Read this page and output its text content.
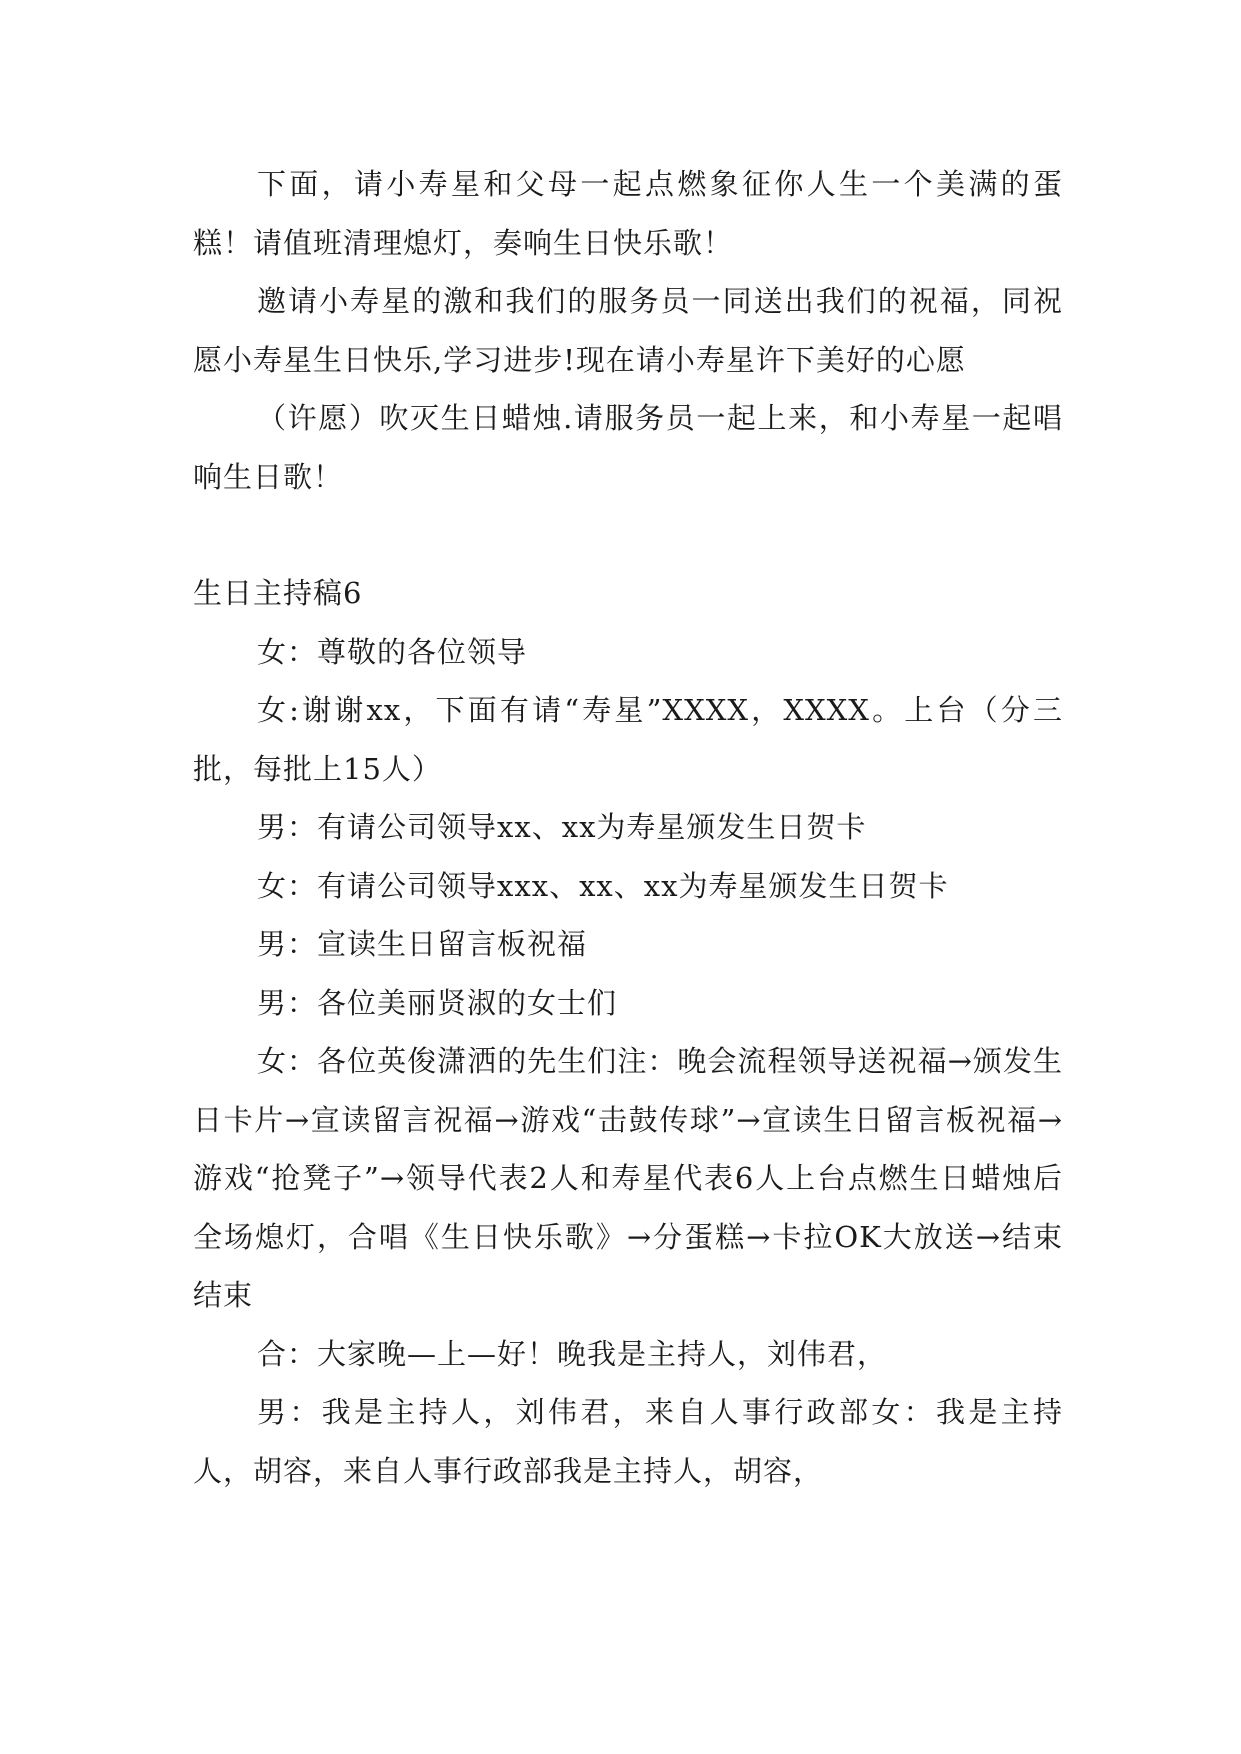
下面，请小寿星和父母一起点燃象征你人生一个美满的蛋糕！请值班清理熄灯，奏响生日快乐歌！

邀请小寿星的激和我们的服务员一同送出我们的祝福，同祝愿小寿星生日快乐,学习进步!现在请小寿星许下美好的心愿

（许愿）吹灭生日蜡烛.请服务员一起上来，和小寿星一起唱响生日歌！

生日主持稿6

女：尊敬的各位领导

女:谢谢xx，下面有请“寿星”XXXX，XXXX。上台（分三批，每批上15人）

男：有请公司领导xx、xx为寿星颁发生日贺卡

女：有请公司领导xxx、xx、xx为寿星颁发生日贺卡

男：宣读生日留言板祝福

男：各位美丽贤淑的女士们

女：各位英俊潇洒的先生们注：晚会流程领导送祝福→颁发生日卡片→宣读留言祝福→游戏“击鼓传球”→宣读生日留言板祝福→游戏“抢凳子”→领导代表2人和寿星代表6人上台点燃生日蜡烛后全场熄灯，合唱《生日快乐歌》→分蛋糕→卡拉OK大放送→结束结束

合：大家晚—上—好！晚我是主持人，刘伟君，

男：我是主持人，刘伟君，来自人事行政部女：我是主持人，胡容，来自人事行政部我是主持人，胡容，
